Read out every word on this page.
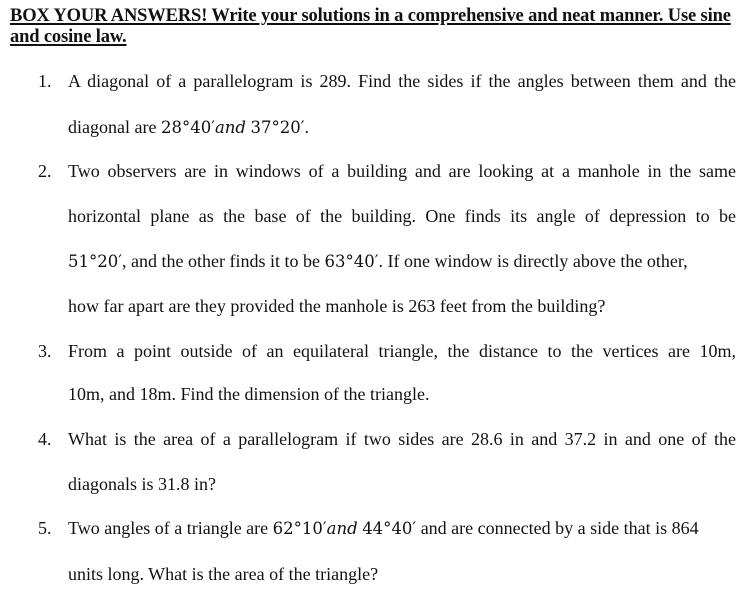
BOX YOUR ANSWERS! Write your solutions in a comprehensive and neat manner. Use sine and cosine law.
1. A diagonal of a parallelogram is 289. Find the sides if the angles between them and the
diagonal are 28°40′and 37°20′.
2. Two observers are in windows of a building and are looking at a manhole in the same
horizontal plane as the base of the building. One finds its angle of depression to be
51°20′, and the other finds it to be 63°40′. If one window is directly above the other,
how far apart are they provided the manhole is 263 feet from the building?
3. From a point outside of an equilateral triangle, the distance to the vertices are 10m,
10m, and 18m. Find the dimension of the triangle.
4. What is the area of a parallelogram if two sides are 28.6 in and 37.2 in and one of the
diagonals is 31.8 in?
5. Two angles of a triangle are 62°10′and 44°40′ and are connected by a side that is 864
units long. What is the area of the triangle?
